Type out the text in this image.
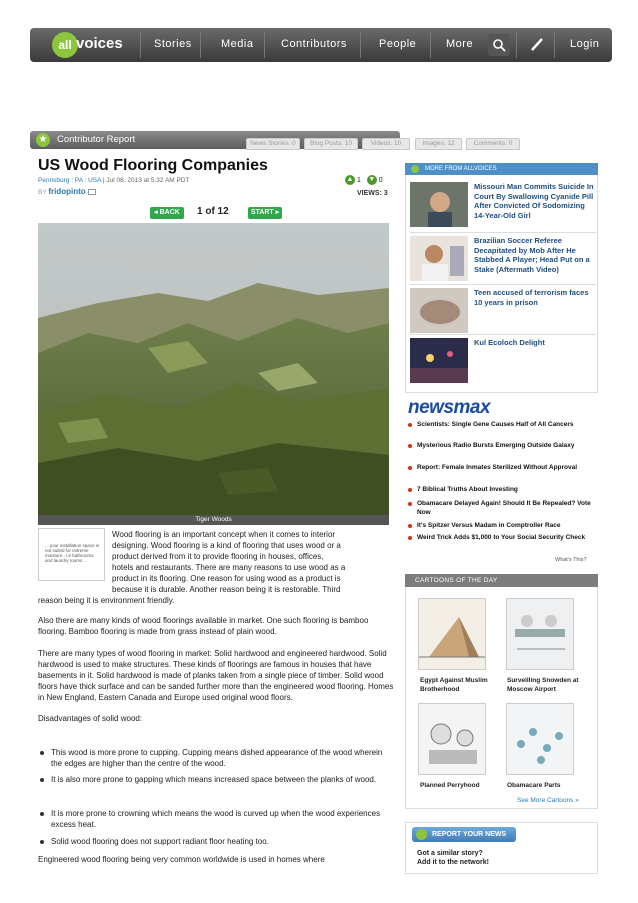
all voices	Stories	Media	Contributors	People	More	Login
★ Contributor Report	News Stories: 0	Blog Posts: 10	Videos: 10	Images: 12	Comments: 0
US Wood Flooring Companies
Pennsburg : PA : USA | Jul 08, 2013 at 5:32 AM PDT
BY fridopinto
▲ 1 ▼ 0
VIEWS: 3
◂ BACK	START ▸
1 of 12
Tiger Woods
... your installation space is not suited for extreme moisture - i.e bathrooms and laundry rooms...
Wood flooring is an important concept when it comes to interior
designing. Wood flooring is a kind of flooring that uses wood or a
product derived from it to provide flooring in houses, offices,
hotels and restaurants. There are many reasons to use wood as a
product in its flooring. One reason for using wood as a product is
because it is durable. Another reason being it is restorable. Third
reason being it is environment friendly.
Also there are many kinds of wood floorings available in market. One such flooring is bamboo flooring. Bamboo flooring is made from grass instead of plain wood.
There are many types of wood flooring in market: Solid hardwood and engineered hardwood. Solid hardwood is used to make structures. These kinds of floorings are famous in houses that have basements in it. Solid hardwood is made of planks taken from a single piece of timber. Solid wood floors have thick surface and can be sanded further more than the engineered wood flooring. Homes in New England, Eastern Canada and Europe used original wood floors.
Disadvantages of solid wood:
This wood is more prone to cupping. Cupping means dished appearance of the wood wherein the edges are higher than the centre of the wood.
It is also more prone to gapping which means increased space between the planks of wood.
It is more prone to crowning which means the wood is curved up when the wood experiences excess heat.
Solid wood flooring does not support radiant floor heating too.
Engineered wood flooring being very common worldwide is used in homes where
MORE FROM ALLVOICES
Missouri Man Commits Suicide In Court By Swallowing Cyanide Pill After Convicted Of Sodomizing 14-Year-Old Girl
Brazilian Soccer Referee Decapitated by Mob After He Stabbed A Player; Head Put on a Stake (Aftermath Video)
Teen accused of terrorism faces 10 years in prison
Kul Ecoloch Delight
newsmax
Scientists: Single Gene Causes Half of All Cancers
Mysterious Radio Bursts Emerging Outside Galaxy
Report: Female Inmates Sterilized Without Approval
7 Biblical Truths About Investing
Obamacare Delayed Again! Should It Be Repealed? Vote Now
It's Spitzer Versus Madam in Comptroller Race
Weird Trick Adds $1,000 to Your Social Security Check
What's This?
CARTOONS OF THE DAY
Egypt Against Muslim Brotherhood
Surveilling Snowden at Moscow Airport
Planned Perryhood	Obamacare Parts
See More Cartoons »
REPORT YOUR NEWS
Got a similar story?
Add it to the network!
